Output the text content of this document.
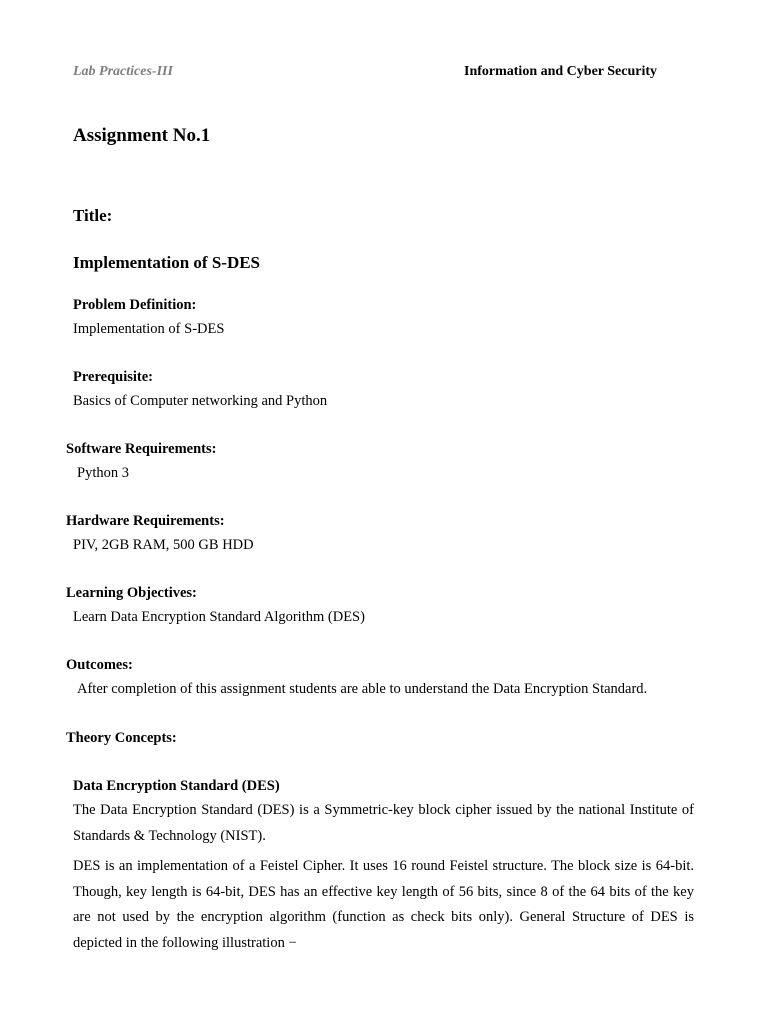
Lab Practices-III	Information and Cyber Security
Assignment No.1
Title:
Implementation of S-DES
Problem Definition:
Implementation of S-DES
Prerequisite:
Basics of Computer networking and Python
Software Requirements:
Python 3
Hardware Requirements:
PIV, 2GB RAM, 500 GB HDD
Learning Objectives:
Learn Data Encryption Standard Algorithm (DES)
Outcomes:
After completion of this assignment students are able to understand the Data Encryption Standard.
Theory Concepts:
Data Encryption Standard (DES)
The Data Encryption Standard (DES) is a Symmetric-key block cipher issued by the national Institute of Standards & Technology (NIST).
DES is an implementation of a Feistel Cipher. It uses 16 round Feistel structure. The block size is 64-bit. Though, key length is 64-bit, DES has an effective key length of 56 bits, since 8 of the 64 bits of the key are not used by the encryption algorithm (function as check bits only). General Structure of DES is depicted in the following illustration −
